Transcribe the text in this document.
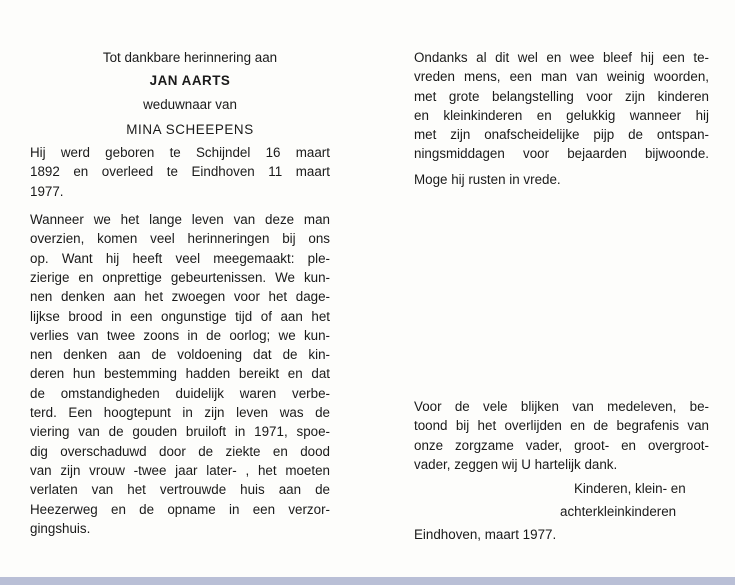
Tot dankbare herinnering aan
JAN AARTS
weduwnaar van
MINA SCHEEPENS
Hij werd geboren te Schijndel 16 maart
1892 en overleed te Eindhoven 11 maart
1977.
Wanneer we het lange leven van deze man
overzien, komen veel herinneringen bij ons
op. Want hij heeft veel meegemaakt: ple-
zierige en onprettige gebeurtenissen. We kun-
nen denken aan het zwoegen voor het dage-
lijkse brood in een ongunstige tijd of aan het
verlies van twee zoons in de oorlog; we kun-
nen denken aan de voldoening dat de kin-
deren hun bestemming hadden bereikt en dat
de omstandigheden duidelijk waren verbe-
terd. Een hoogtepunt in zijn leven was de
viering van de gouden bruiloft in 1971, spoe-
dig overschaduwd door de ziekte en dood
van zijn vrouw -twee jaar later- , het moeten
verlaten van het vertrouwde huis aan de
Heezerweg en de opname in een verzor-
gingshuis.
Ondanks al dit wel en wee bleef hij een te-
vreden mens, een man van weinig woorden,
met grote belangstelling voor zijn kinderen
en kleinkinderen en gelukkig wanneer hij
met zijn onafscheidelijke pijp de ontspan-
ningsmiddagen voor bejaarden bijwoonde.
Moge hij rusten in vrede.
Voor de vele blijken van medeleven, be-
toond bij het overlijden en de begrafenis van
onze zorgzame vader, groot- en overgroot-
vader, zeggen wij U hartelijk dank.
Kinderen, klein- en
achterkleinkinderen
Eindhoven, maart 1977.
